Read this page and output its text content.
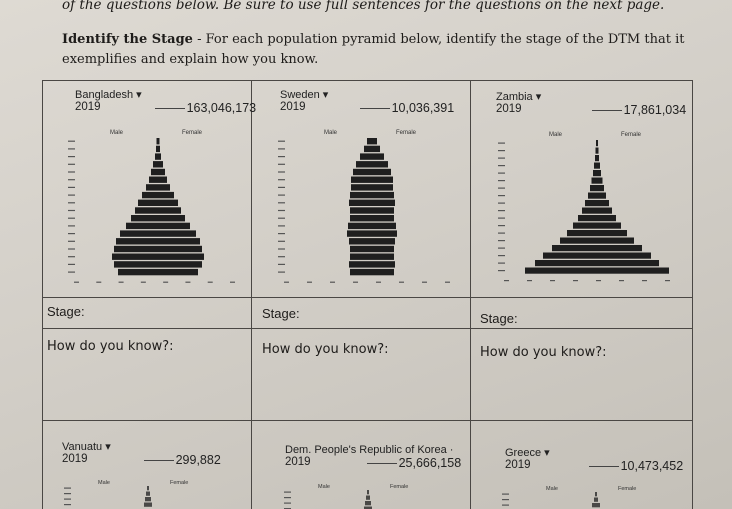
of the questions below. Be sure to use full sentences for the questions on the next page.
Identify the Stage - For each population pyramid below, identify the stage of the DTM that it
exemplifies and explain how you know.
Bangladesh ▾
2019	163,046,173
Sweden ▾
2019	10,036,391
Zambia ▾
2019	17,861,034
Male	Female	Male	Female	Male	Female
Stage:	Stage:	Stage:
How do you know?:	How do you know?:	How do you know?:
Vanuatu ▾
2019	299,882
Dem. People's Republic of Korea ·
2019	25,666,158
Greece ▾
2019	10,473,452
Male	Female
Male	Female	Male	Female
